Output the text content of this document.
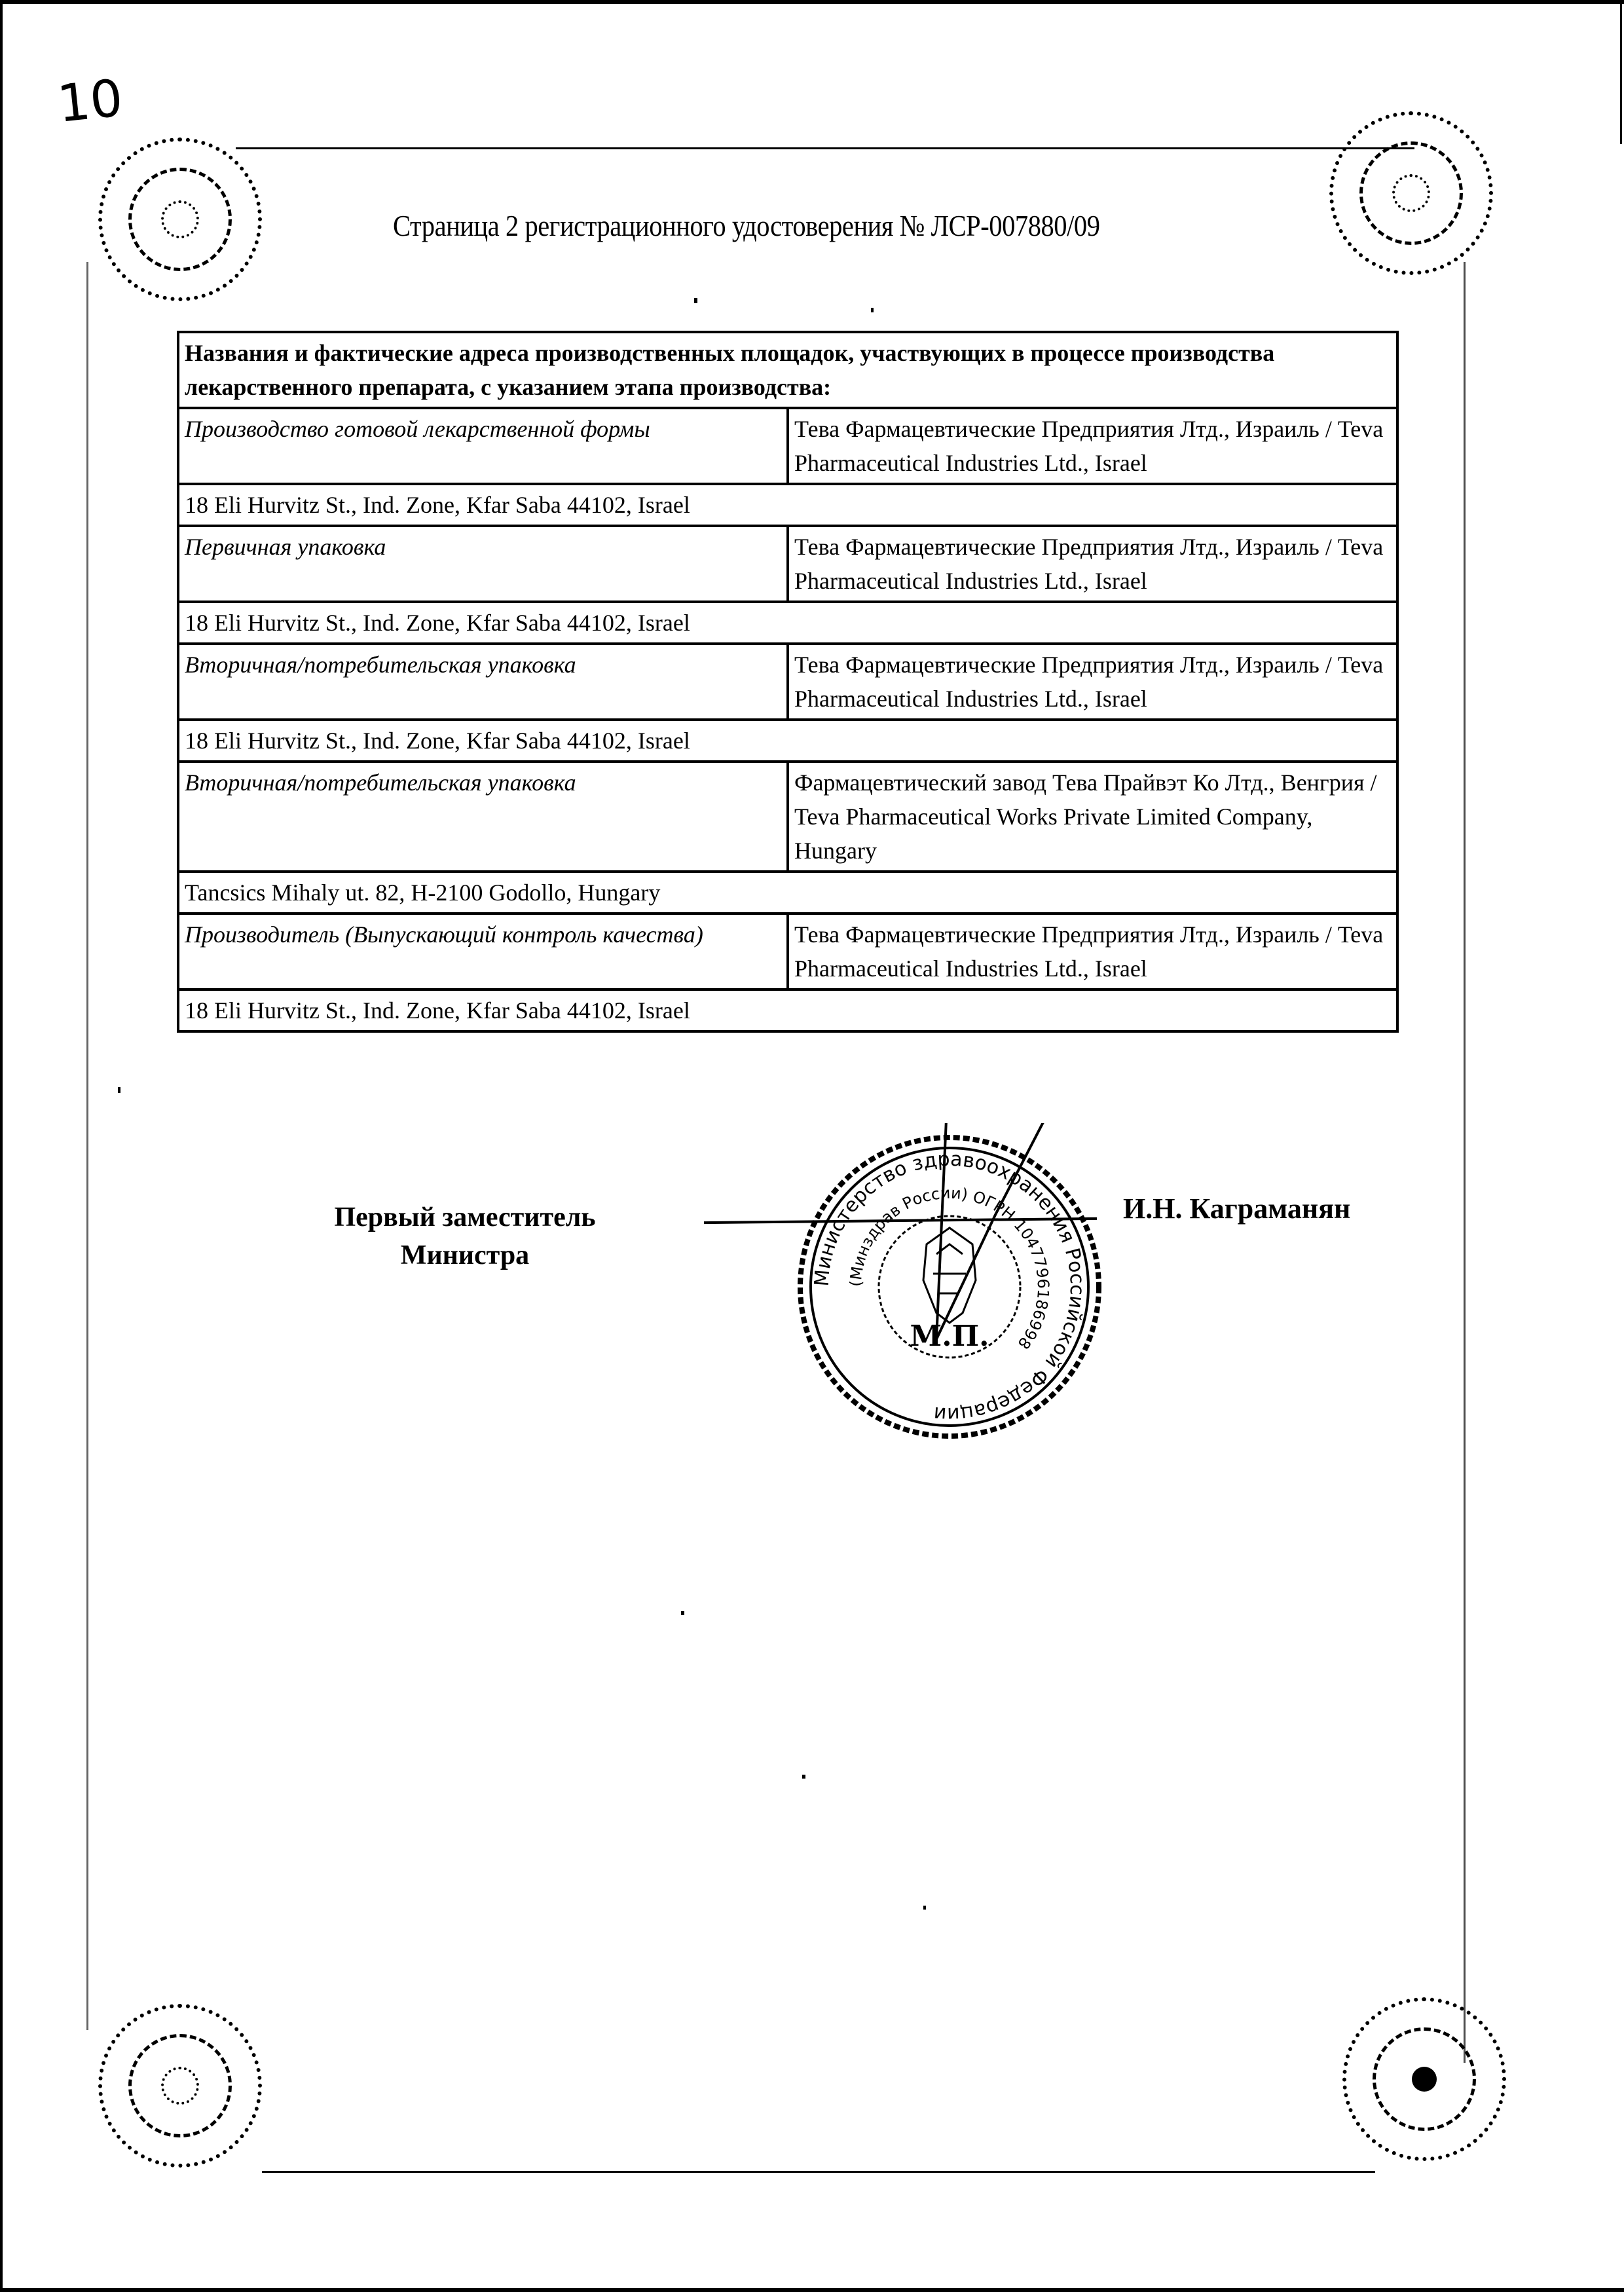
10
Страница 2 регистрационного удостоверения № ЛСР-007880/09
Названия и фактические адреса производственных площадок, участвующих в процессе производства лекарственного препарата, с указанием этапа производства:	
Производство готовой лекарственной формы	Тева Фармацевтические Предприятия Лтд., Израиль / Teva Pharmaceutical Industries Ltd., Israel
18 Eli Hurvitz St., Ind. Zone, Kfar Saba 44102, Israel	
Первичная упаковка	Тева Фармацевтические Предприятия Лтд., Израиль / Teva Pharmaceutical Industries Ltd., Israel
18 Eli Hurvitz St., Ind. Zone, Kfar Saba 44102, Israel	
Вторичная/потребительская упаковка	Тева Фармацевтические Предприятия Лтд., Израиль / Teva Pharmaceutical Industries Ltd., Israel
18 Eli Hurvitz St., Ind. Zone, Kfar Saba 44102, Israel	
Вторичная/потребительская упаковка	Фармацевтический завод Тева Прайвэт Ко Лтд., Венгрия / Teva Pharmaceutical Works Private Limited Company, Hungary
Tancsics Mihaly ut. 82, H-2100 Godollo, Hungary	
Производитель (Выпускающий контроль качества)	Тева Фармацевтические Предприятия Лтд., Израиль / Teva Pharmaceutical Industries Ltd., Israel
18 Eli Hurvitz St., Ind. Zone, Kfar Saba 44102, Israel	
Первый заместитель
Министра
И.Н. Каграманян
Министерство здравоохранения Российской Федерации
(Минздрав России) ОГРН 1047796186998
М.П.
